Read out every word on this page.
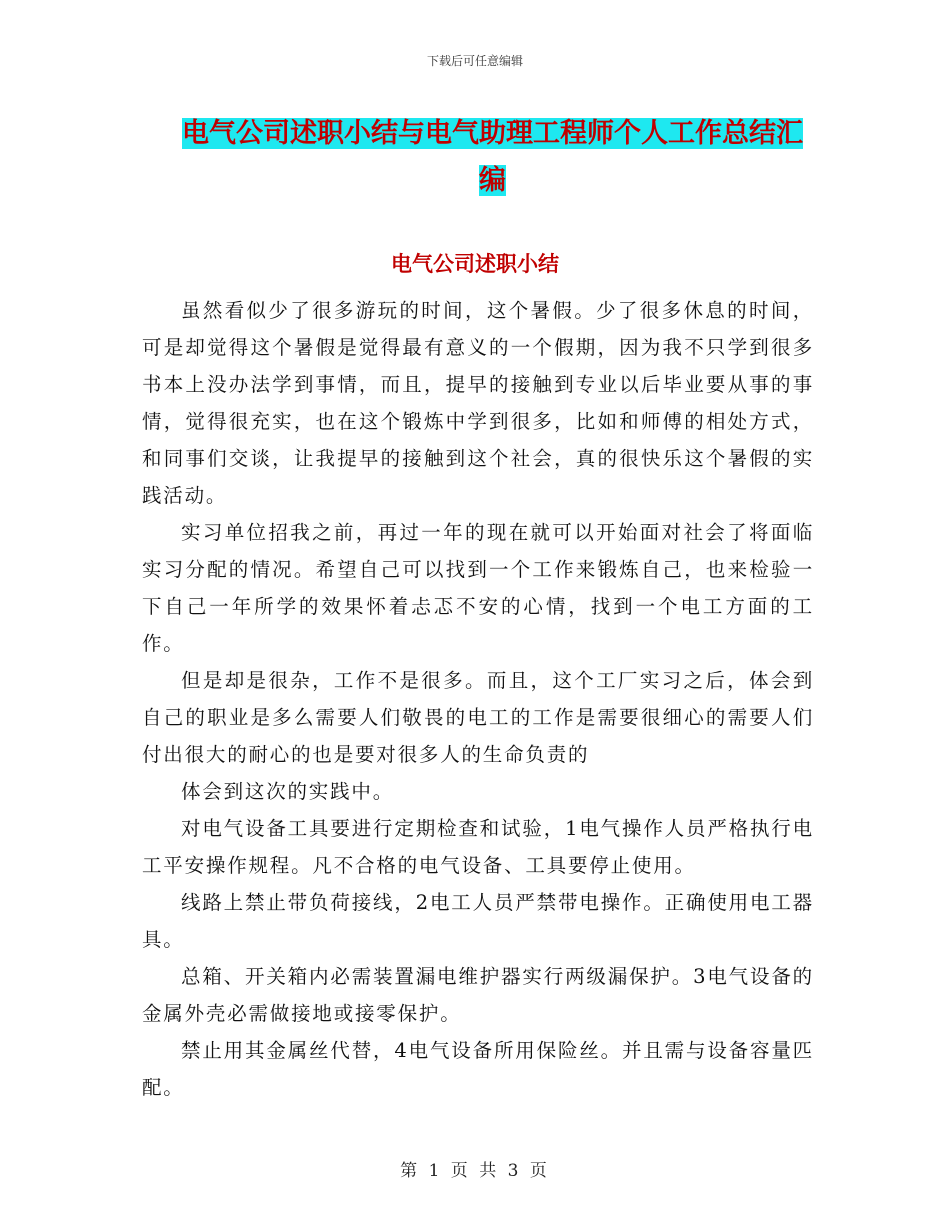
下载后可任意编辑
电气公司述职小结与电气助理工程师个人工作总结汇编
电气公司述职小结

虽然看似少了很多游玩的时间，这个暑假。少了很多休息的时间，可是却觉得这个暑假是觉得最有意义的一个假期，因为我不只学到很多书本上没办法学到事情，而且，提早的接触到专业以后毕业要从事的事情，觉得很充实，也在这个锻炼中学到很多，比如和师傅的相处方式，和同事们交谈，让我提早的接触到这个社会，真的很快乐这个暑假的实践活动。

实习单位招我之前，再过一年的现在就可以开始面对社会了将面临实习分配的情况。希望自己可以找到一个工作来锻炼自己，也来检验一下自己一年所学的效果怀着忐忑不安的心情，找到一个电工方面的工作。

但是却是很杂，工作不是很多。而且，这个工厂实习之后，体会到自己的职业是多么需要人们敬畏的电工的工作是需要很细心的需要人们付出很大的耐心的也是要对很多人的生命负责的

体会到这次的实践中。

对电气设备工具要进行定期检查和试验，1电气操作人员严格执行电工平安操作规程。凡不合格的电气设备、工具要停止使用。

线路上禁止带负荷接线，2电工人员严禁带电操作。正确使用电工器具。

总箱、开关箱内必需装置漏电维护器实行两级漏保护。3电气设备的金属外壳必需做接地或接零保护。

禁止用其金属丝代替，4电气设备所用保险丝。并且需与设备容量匹配。

第 1 页 共 3 页
